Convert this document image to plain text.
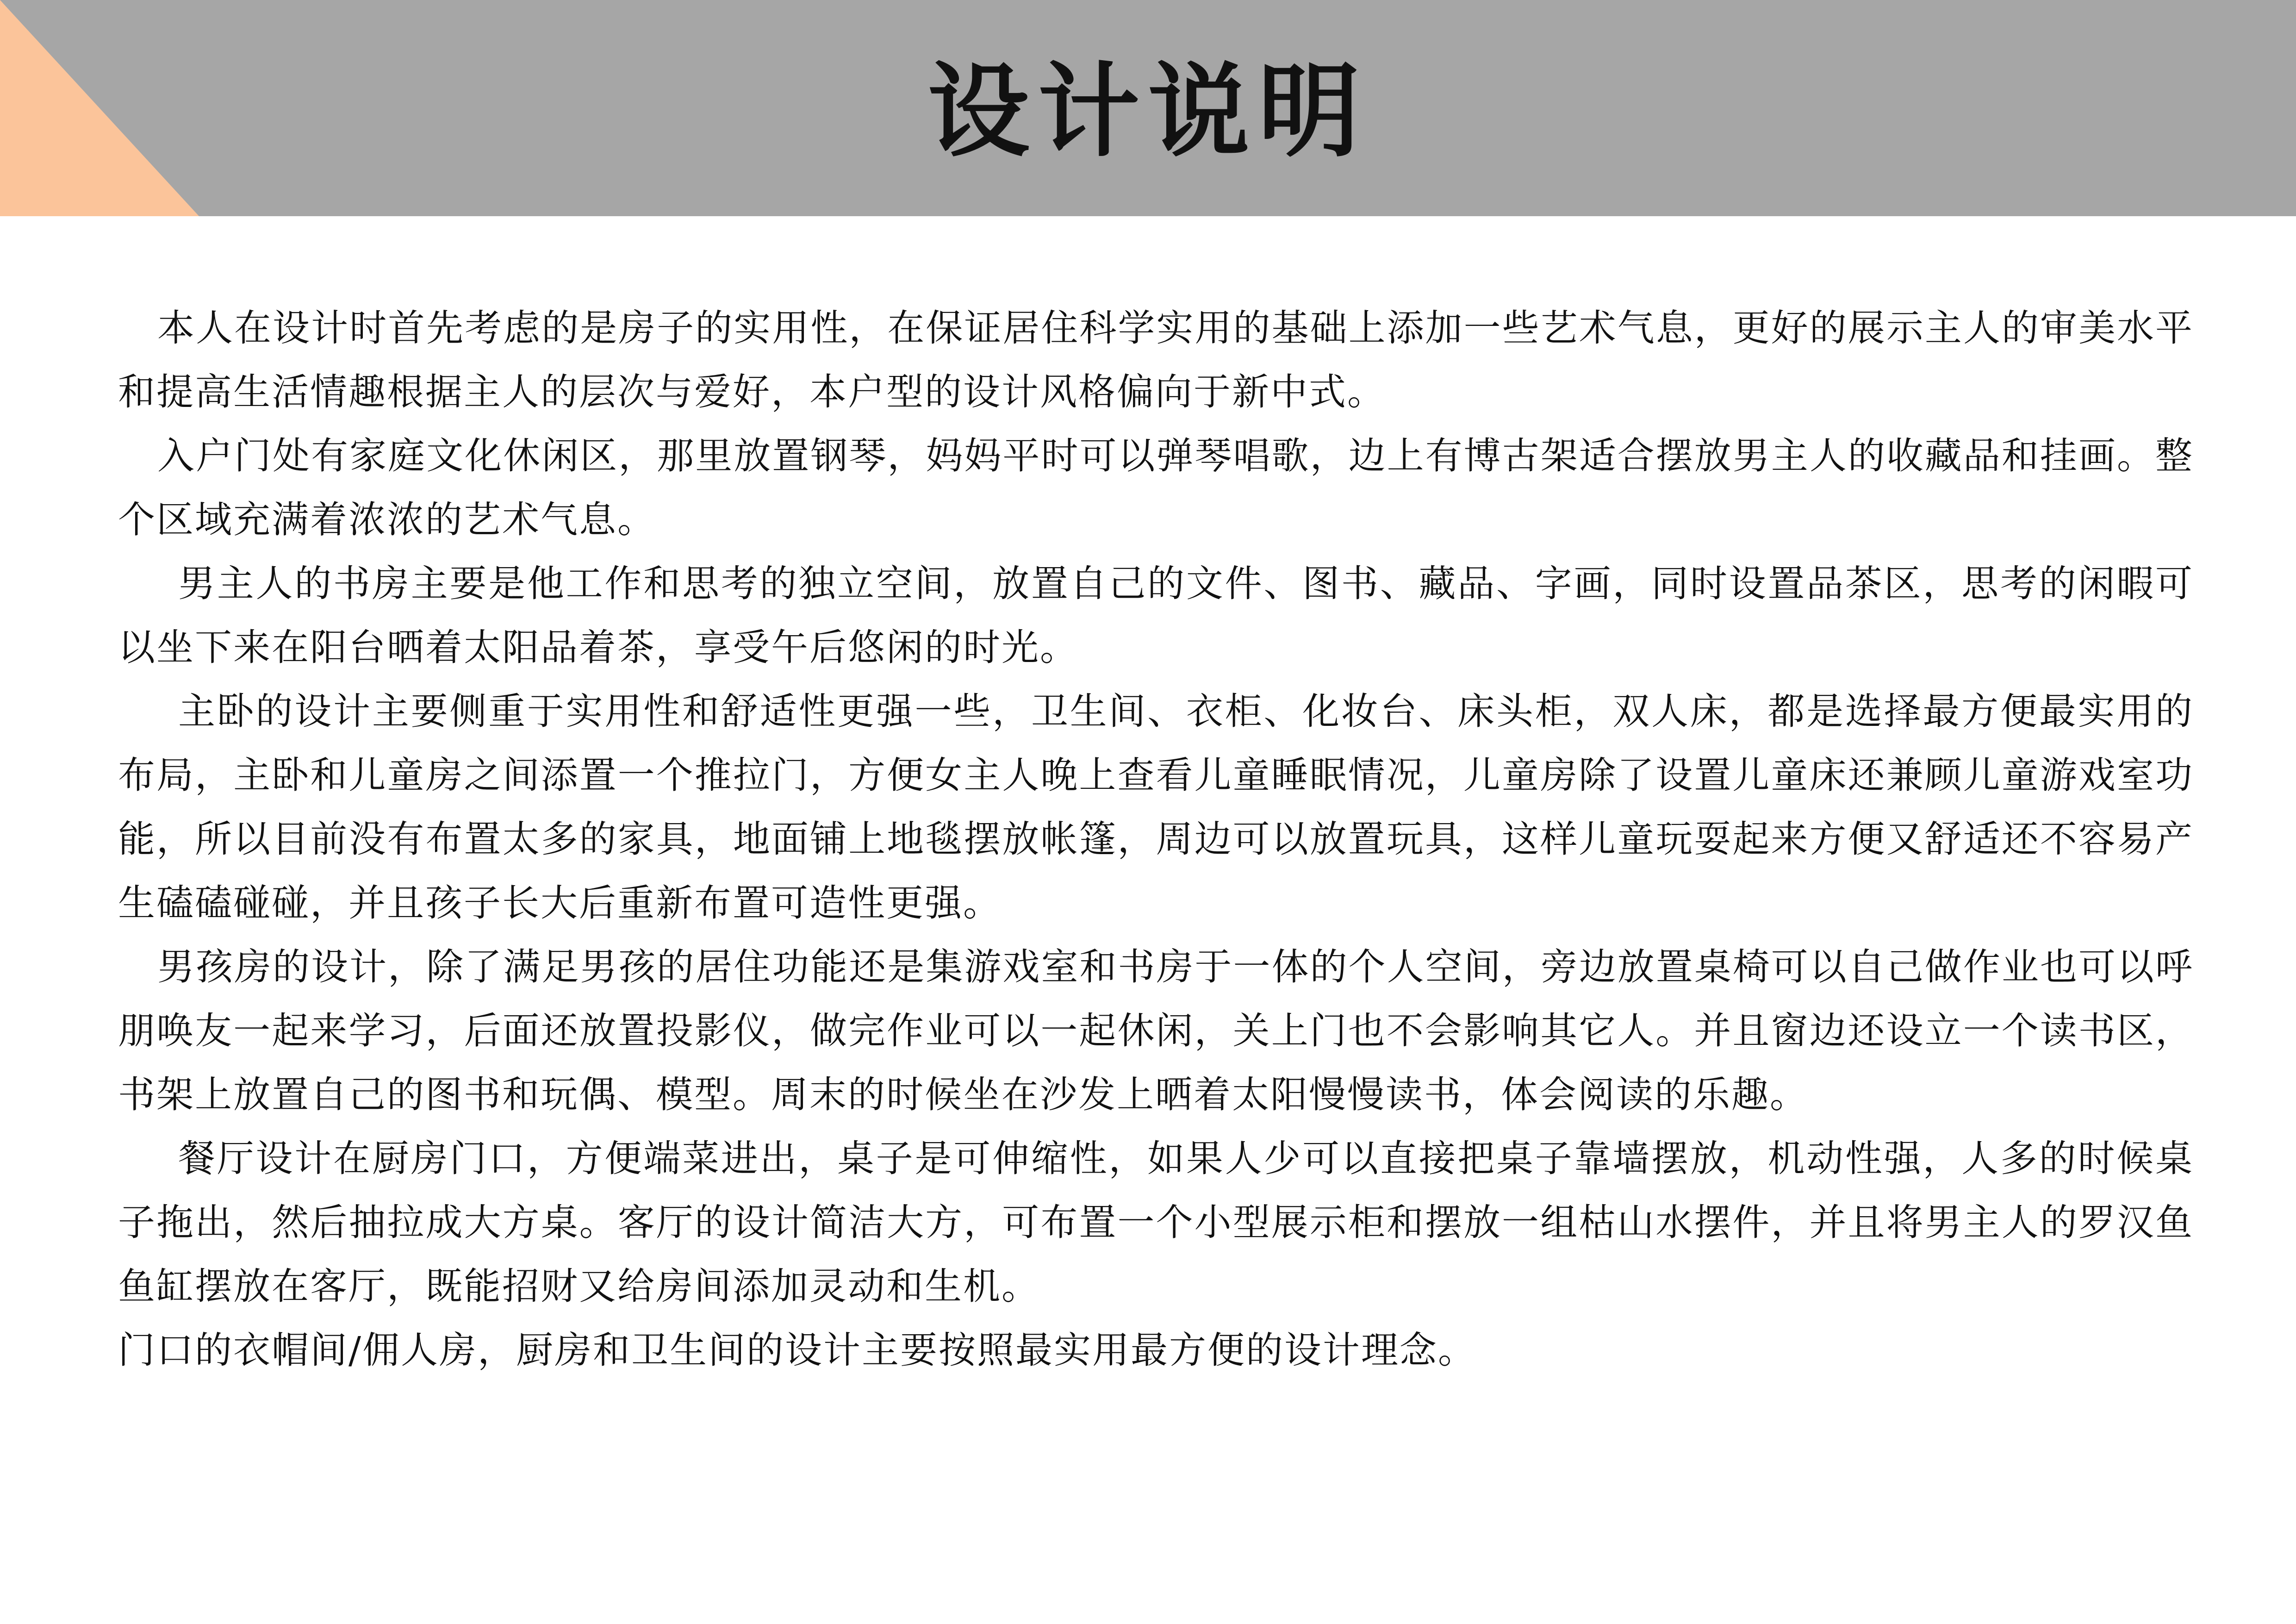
设计说明

本人在设计时首先考虑的是房子的实用性，在保证居住科学实用的基础上添加一些艺术气息，更好的展示主人的审美水平和提高生活情趣根据主人的层次与爱好，本户型的设计风格偏向于新中式。

入户门处有家庭文化休闲区，那里放置钢琴，妈妈平时可以弹琴唱歌，边上有博古架适合摆放男主人的收藏品和挂画。整个区域充满着浓浓的艺术气息。

男主人的书房主要是他工作和思考的独立空间，放置自己的文件、图书、藏品、字画，同时设置品茶区，思考的闲暇可以坐下来在阳台晒着太阳品着茶，享受午后悠闲的时光。

主卧的设计主要侧重于实用性和舒适性更强一些，卫生间、衣柜、化妆台、床头柜，双人床，都是选择最方便最实用的布局，主卧和儿童房之间添置一个推拉门，方便女主人晚上查看儿童睡眠情况，儿童房除了设置儿童床还兼顾儿童游戏室功能，所以目前没有布置太多的家具，地面铺上地毯摆放帐篷，周边可以放置玩具，这样儿童玩耍起来方便又舒适还不容易产生磕磕碰碰，并且孩子长大后重新布置可造性更强。

男孩房的设计，除了满足男孩的居住功能还是集游戏室和书房于一体的个人空间，旁边放置桌椅可以自己做作业也可以呼朋唤友一起来学习，后面还放置投影仪，做完作业可以一起休闲，关上门也不会影响其它人。并且窗边还设立一个读书区，书架上放置自己的图书和玩偶、模型。周末的时候坐在沙发上晒着太阳慢慢读书，体会阅读的乐趣。

餐厅设计在厨房门口，方便端菜进出，桌子是可伸缩性，如果人少可以直接把桌子靠墙摆放，机动性强，人多的时候桌子拖出，然后抽拉成大方桌。客厅的设计简洁大方，可布置一个小型展示柜和摆放一组枯山水摆件，并且将男主人的罗汉鱼鱼缸摆放在客厅，既能招财又给房间添加灵动和生机。

门口的衣帽间/佣人房，厨房和卫生间的设计主要按照最实用最方便的设计理念。
